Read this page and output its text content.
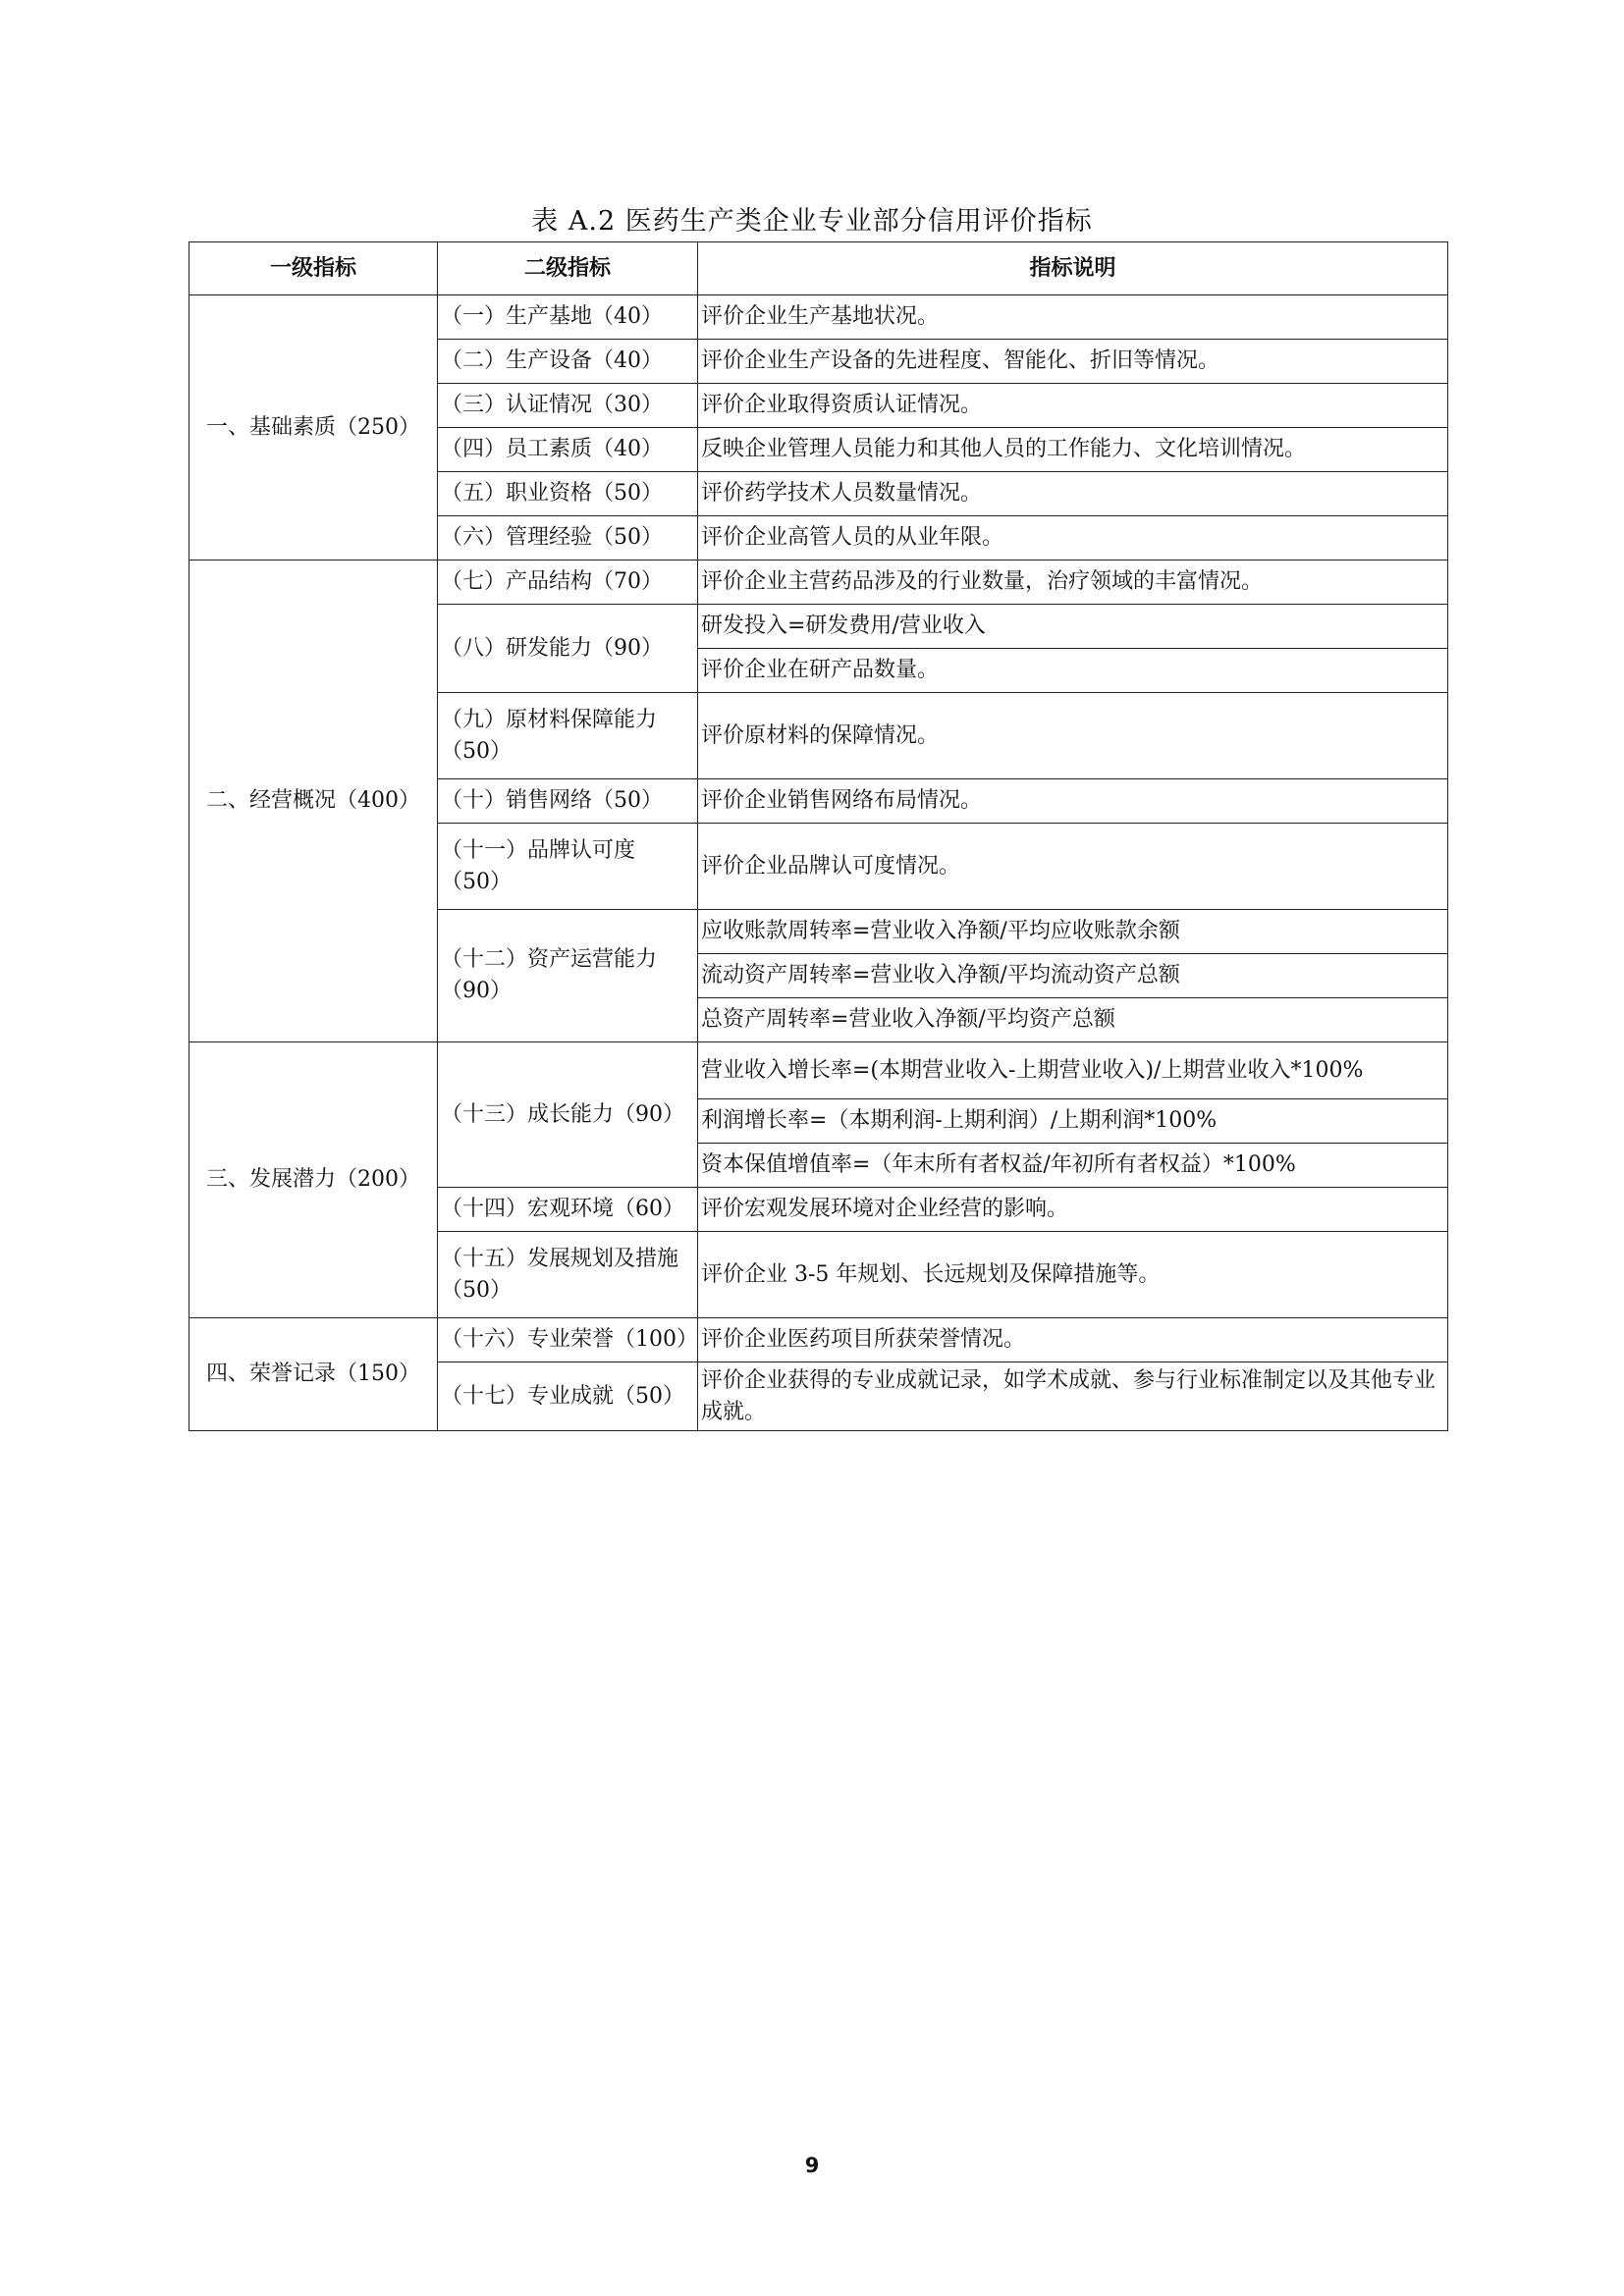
表 A.2 医药生产类企业专业部分信用评价指标
一级指标	二级指标	指标说明
一、基础素质（250）	（一）生产基地（40）	评价企业生产基地状况。
	（二）生产设备（40）	评价企业生产设备的先进程度、智能化、折旧等情况。
	（三）认证情况（30）	评价企业取得资质认证情况。
	（四）员工素质（40）	反映企业管理人员能力和其他人员的工作能力、文化培训情况。
	（五）职业资格（50）	评价药学技术人员数量情况。
	（六）管理经验（50）	评价企业高管人员的从业年限。
二、经营概况（400）	（七）产品结构（70）	评价企业主营药品涉及的行业数量，治疗领域的丰富情况。
	（八）研发能力（90）	研发投入=研发费用/营业收入
		评价企业在研产品数量。
	（九）原材料保障能力（50）	评价原材料的保障情况。
	（十）销售网络（50）	评价企业销售网络布局情况。
	（十一）品牌认可度（50）	评价企业品牌认可度情况。
	（十二）资产运营能力（90）	应收账款周转率=营业收入净额/平均应收账款余额
		流动资产周转率=营业收入净额/平均流动资产总额
		总资产周转率=营业收入净额/平均资产总额
三、发展潜力（200）	（十三）成长能力（90）	营业收入增长率=(本期营业收入-上期营业收入)/上期营业收入*100%
		利润增长率=（本期利润-上期利润）/上期利润*100%
		资本保值增值率=（年末所有者权益/年初所有者权益）*100%
	（十四）宏观环境（60）	评价宏观发展环境对企业经营的影响。
	（十五）发展规划及措施（50）	评价企业 3-5 年规划、长远规划及保障措施等。
四、荣誉记录（150）	（十六）专业荣誉（100）	评价企业医药项目所获荣誉情况。
	（十七）专业成就（50）	评价企业获得的专业成就记录，如学术成就、参与行业标准制定以及其他专业成就。
9
